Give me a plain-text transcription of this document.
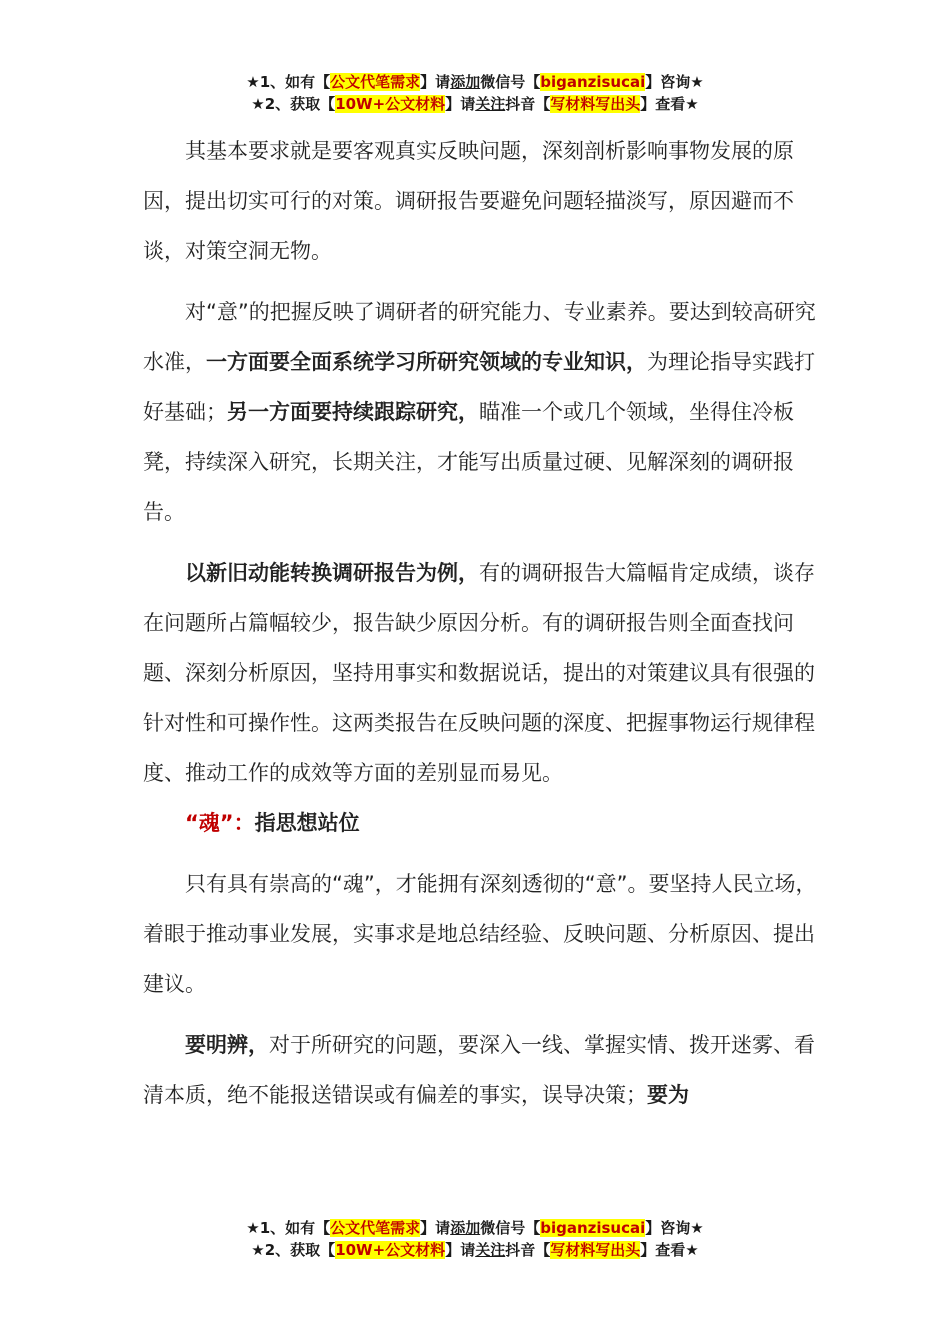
★1、如有【公文代笔需求】请添加微信号【biganzisucai】咨询★
★2、获取【10W+公文材料】请关注抖音【写材料写出头】查看★

其基本要求就是要客观真实反映问题，深刻剖析影响事物发展的原因，提出切实可行的对策。调研报告要避免问题轻描淡写，原因避而不谈，对策空洞无物。

对“意”的把握反映了调研者的研究能力、专业素养。要达到较高研究水准，一方面要全面系统学习所研究领域的专业知识，为理论指导实践打好基础；另一方面要持续跟踪研究，瞄准一个或几个领域，坐得住冷板凳，持续深入研究，长期关注，才能写出质量过硬、见解深刻的调研报告。

以新旧动能转换调研报告为例，有的调研报告大篇幅肯定成绩，谈存在问题所占篇幅较少，报告缺少原因分析。有的调研报告则全面查找问题、深刻分析原因，坚持用事实和数据说话，提出的对策建议具有很强的针对性和可操作性。这两类报告在反映问题的深度、把握事物运行规律程度、推动工作的成效等方面的差别显而易见。

“魂”：指思想站位

只有具有崇高的“魂”，才能拥有深刻透彻的“意”。要坚持人民立场，着眼于推动事业发展，实事求是地总结经验、反映问题、分析原因、提出建议。

要明辨，对于所研究的问题，要深入一线、掌握实情、拨开迷雾、看清本质，绝不能报送错误或有偏差的事实，误导决策；要为

★1、如有【公文代笔需求】请添加微信号【biganzisucai】咨询★
★2、获取【10W+公文材料】请关注抖音【写材料写出头】查看★
